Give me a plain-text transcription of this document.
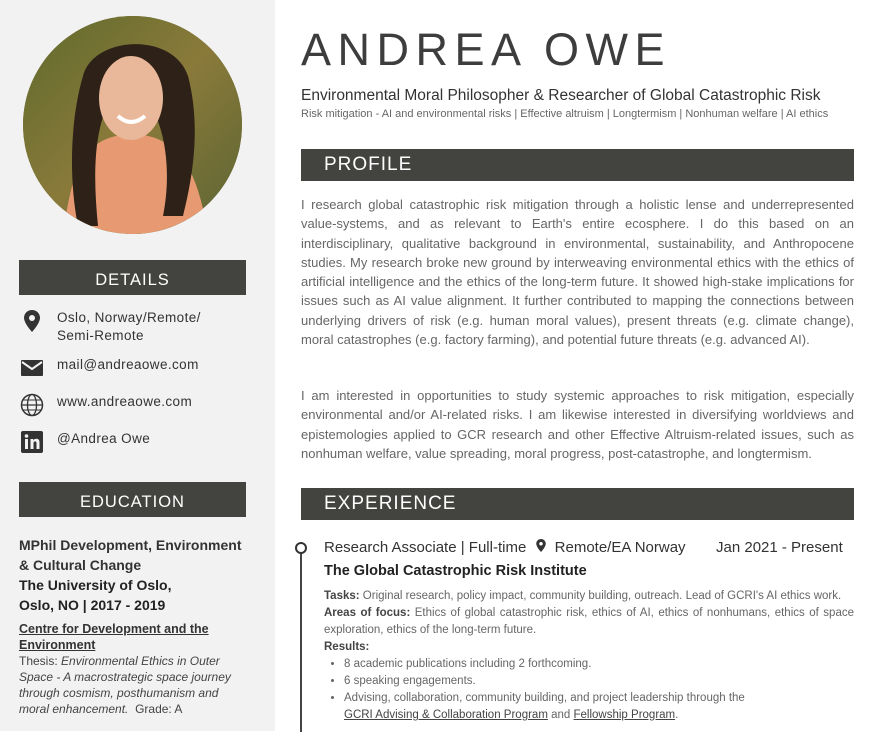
DETAILS
Oslo, Norway/Remote/ Semi-Remote
mail@andreaowe.com
www.andreaowe.com
@Andrea Owe
EDUCATION
MPhil Development, Environment & Cultural Change
The University of Oslo, Oslo, NO | 2017 - 2019
Centre for Development and the Environment
Thesis: Environmental Ethics in Outer Space - A macrostrategic space journey through cosmism, posthumanism and moral enhancement. Grade: A
ANDREA OWE
Environmental Moral Philosopher & Researcher of Global Catastrophic Risk
Risk mitigation - AI and environmental risks | Effective altruism | Longtermism | Nonhuman welfare | AI ethics
PROFILE
I research global catastrophic risk mitigation through a holistic lense and underrepresented value-systems, and as relevant to Earth's entire ecosphere. I do this based on an interdisciplinary, qualitative background in environmental, sustainability, and Anthropocene studies. My research broke new ground by interweaving environmental ethics with the ethics of artificial intelligence and the ethics of the long-term future. It showed high-stake implications for issues such as AI value alignment. It further contributed to mapping the connections between underlying drivers of risk (e.g. human moral values), present threats (e.g. climate change), moral catastrophes (e.g. factory farming), and potential future threats (e.g. advanced AI).
I am interested in opportunities to study systemic approaches to risk mitigation, especially environmental and/or AI-related risks. I am likewise interested in diversifying worldviews and epistemologies applied to GCR research and other Effective Altruism-related issues, such as nonhuman welfare, value spreading, moral progress, post-catastrophe, and longtermism.
EXPERIENCE
Research Associate | Full-time Remote/EA Norway Jan 2021 - Present
The Global Catastrophic Risk Institute
Tasks: Original research, policy impact, community building, outreach. Lead of GCRI's AI ethics work.
Areas of focus: Ethics of global catastrophic risk, ethics of AI, ethics of nonhumans, ethics of space exploration, ethics of the long-term future.
Results:
• 8 academic publications including 2 forthcoming.
• 6 speaking engagements.
• Advising, collaboration, community building, and project leadership through the
GCRI Advising & Collaboration Program and Fellowship Program.
